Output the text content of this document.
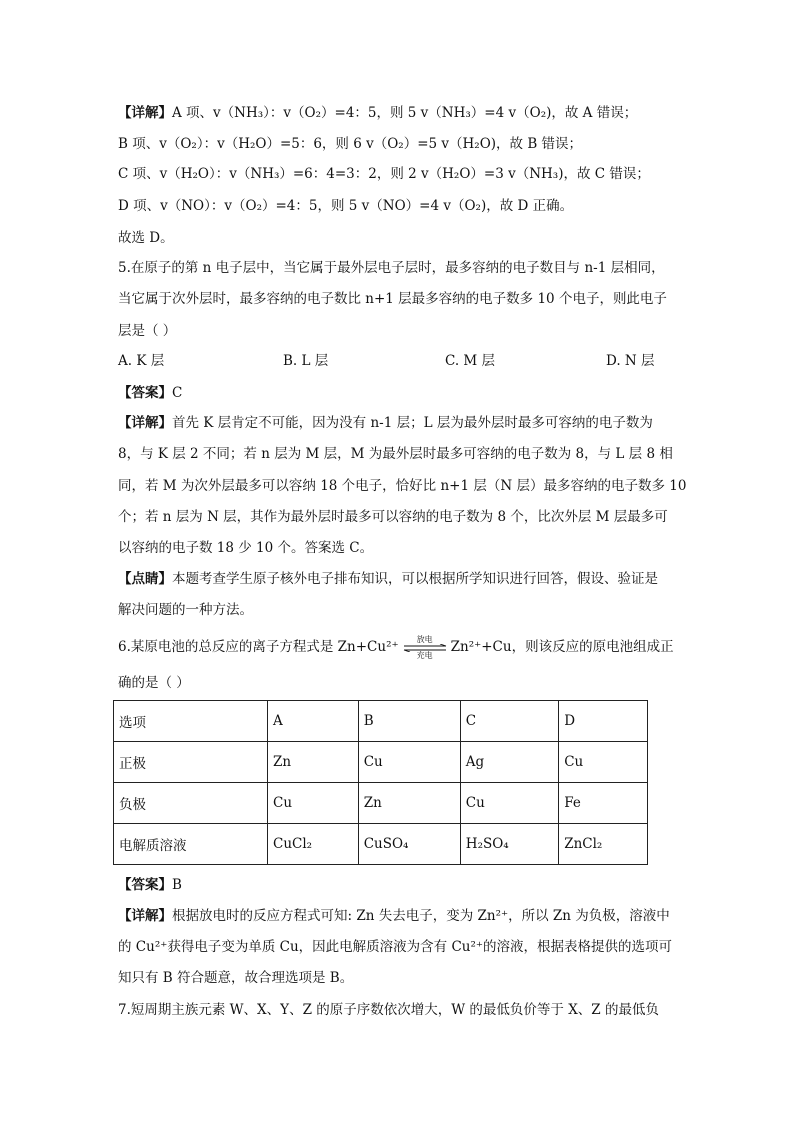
【详解】A 项、v（NH₃）：v（O₂）=4：5，则 5 v（NH₃）=4 v（O₂)，故 A 错误；
B 项、v（O₂）：v（H₂O）=5：6，则 6 v（O₂）=5 v（H₂O)，故 B 错误；
C 项、v（H₂O）：v（NH₃）=6：4=3：2，则 2 v（H₂O）=3 v（NH₃)，故 C 错误；
D 项、v（NO）：v（O₂）=4：5，则 5 v（NO）=4 v（O₂)，故 D 正确。
故选 D。
5.在原子的第 n 电子层中，当它属于最外层电子层时，最多容纳的电子数目与 n-1 层相同，
当它属于次外层时，最多容纳的电子数比 n+1 层最多容纳的电子数多 10 个电子，则此电子
层是（ ）
A. K 层	B. L 层	C. M 层	D. N 层
【答案】C
【详解】首先 K 层肯定不可能，因为没有 n-1 层；L 层为最外层时最多可容纳的电子数为
8，与 K 层 2 不同；若 n 层为 M 层，M 为最外层时最多可容纳的电子数为 8，与 L 层 8 相
同，若 M 为次外层最多可以容纳 18 个电子，恰好比 n+1 层（N 层）最多容纳的电子数多 10
个；若 n 层为 N 层，其作为最外层时最多可以容纳的电子数为 8 个，比次外层 M 层最多可
以容纳的电子数 18 少 10 个。答案选 C。
【点睛】本题考查学生原子核外电子排布知识，可以根据所学知识进行回答，假设、验证是
解决问题的一种方法。
6.某原电池的总反应的离子方程式是 Zn+Cu²⁺	放电
充电	Zn²⁺+Cu，则该反应的原电池组成正
确的是（ ）
选项	A	B	C	D
正极	Zn	Cu	Ag	Cu
负极	Cu	Zn	Cu	Fe
电解质溶液	CuCl₂	CuSO₄	H₂SO₄	ZnCl₂
【答案】B
【详解】根据放电时的反应方程式可知: Zn 失去电子，变为 Zn²⁺，所以 Zn 为负极，溶液中
的 Cu²⁺获得电子变为单质 Cu，因此电解质溶液为含有 Cu²⁺的溶液，根据表格提供的选项可
知只有 B 符合题意，故合理选项是 B。
7.短周期主族元素 W、X、Y、Z 的原子序数依次增大，W 的最低负价等于 X、Z 的最低负
